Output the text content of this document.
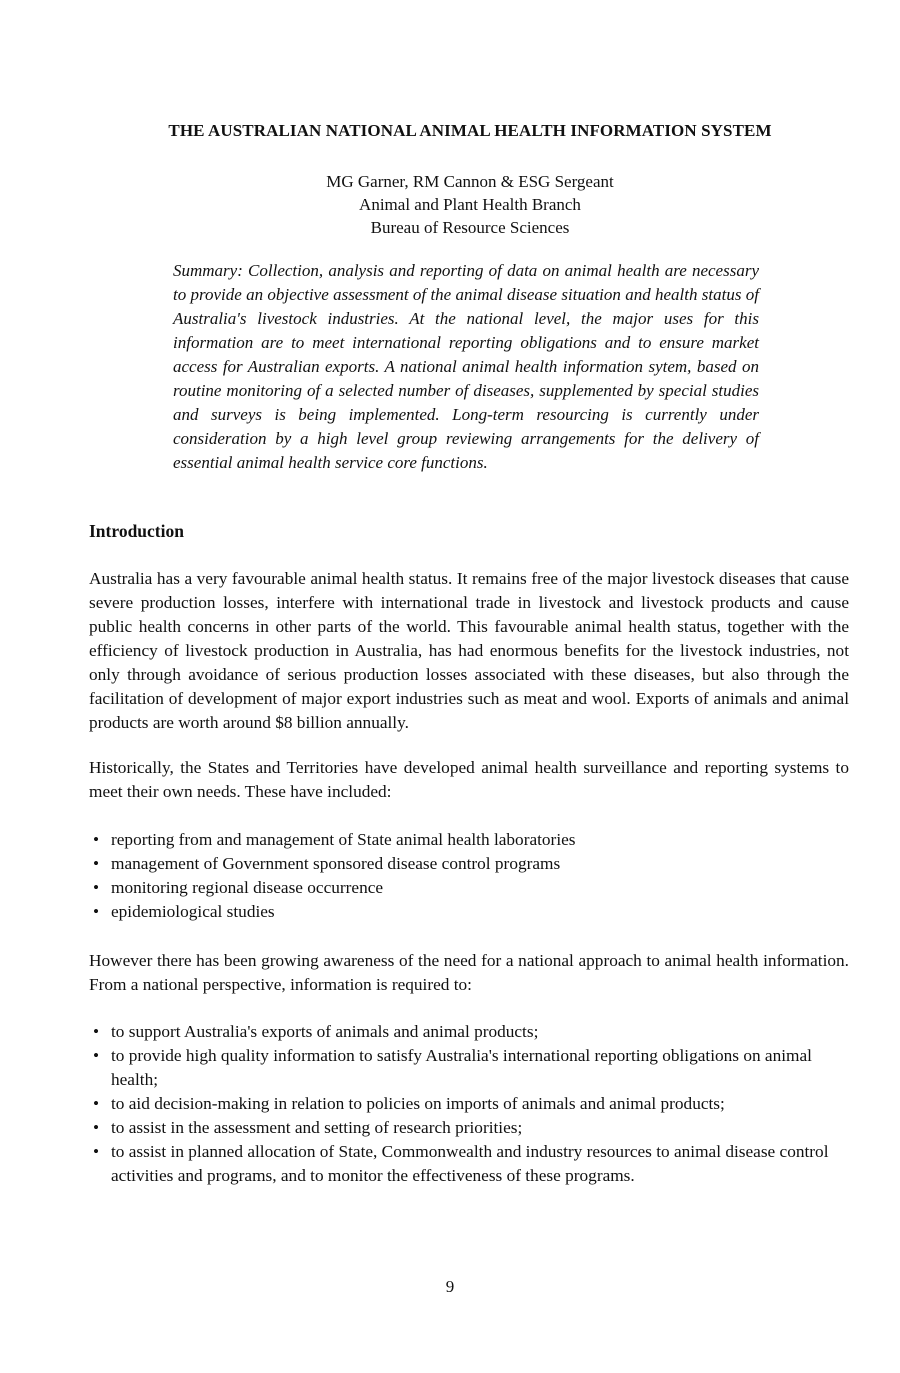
THE AUSTRALIAN NATIONAL ANIMAL HEALTH INFORMATION SYSTEM
MG Garner, RM Cannon & ESG Sergeant
Animal and Plant Health Branch
Bureau of Resource Sciences
Summary: Collection, analysis and reporting of data on animal health are necessary to provide an objective assessment of the animal disease situation and health status of Australia's livestock industries. At the national level, the major uses for this information are to meet international reporting obligations and to ensure market access for Australian exports. A national animal health information sytem, based on routine monitoring of a selected number of diseases, supplemented by special studies and surveys is being implemented. Long-term resourcing is currently under consideration by a high level group reviewing arrangements for the delivery of essential animal health service core functions.
Introduction

Australia has a very favourable animal health status. It remains free of the major livestock diseases that cause severe production losses, interfere with international trade in livestock and livestock products and cause public health concerns in other parts of the world. This favourable animal health status, together with the efficiency of livestock production in Australia, has had enormous benefits for the livestock industries, not only through avoidance of serious production losses associated with these diseases, but also through the facilitation of development of major export industries such as meat and wool. Exports of animals and animal products are worth around $8 billion annually.

Historically, the States and Territories have developed animal health surveillance and reporting systems to meet their own needs. These have included:

• reporting from and management of State animal health laboratories
• management of Government sponsored disease control programs
• monitoring regional disease occurrence
• epidemiological studies

However there has been growing awareness of the need for a national approach to animal health information. From a national perspective, information is required to:

• to support Australia's exports of animals and animal products;
• to provide high quality information to satisfy Australia's international reporting obligations on animal health;
• to aid decision-making in relation to policies on imports of animals and animal products;
• to assist in the assessment and setting of research priorities;
• to assist in planned allocation of State, Commonwealth and industry resources to animal disease control activities and programs, and to monitor the effectiveness of these programs.
9
